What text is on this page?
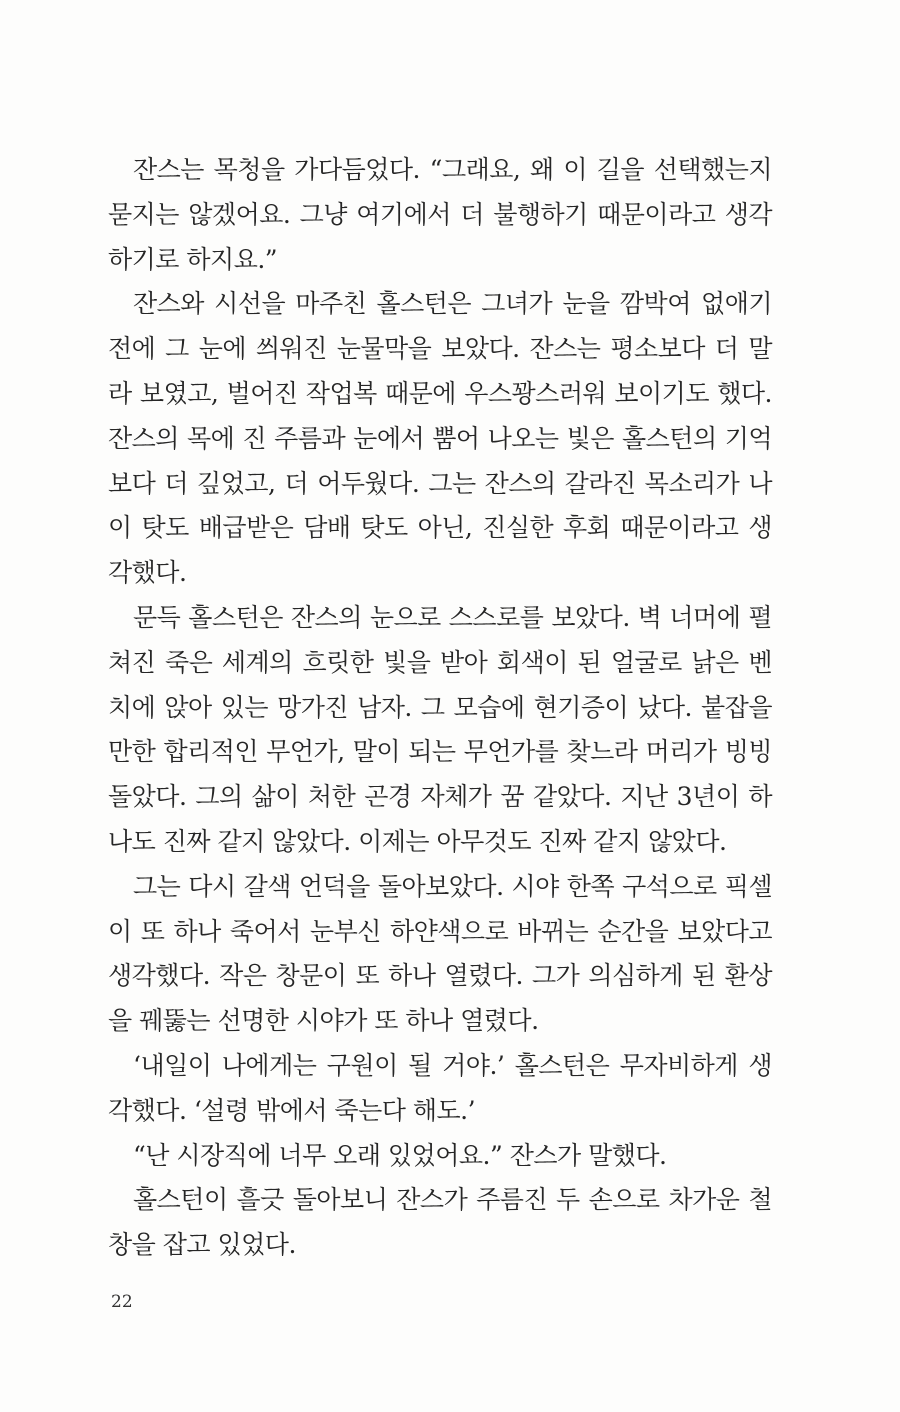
잔스는 목청을 가다듬었다. “그래요, 왜 이 길을 선택했는지 묻지는 않겠어요. 그냥 여기에서 더 불행하기 때문이라고 생각하기로 하지요.”

잔스와 시선을 마주친 홀스턴은 그녀가 눈을 깜박여 없애기 전에 그 눈에 씌워진 눈물막을 보았다. 잔스는 평소보다 더 말라 보였고, 벌어진 작업복 때문에 우스꽝스러워 보이기도 했다. 잔스의 목에 진 주름과 눈에서 뿜어 나오는 빛은 홀스턴의 기억보다 더 깊었고, 더 어두웠다. 그는 잔스의 갈라진 목소리가 나이 탓도 배급받은 담배 탓도 아닌, 진실한 후회 때문이라고 생각했다.

문득 홀스턴은 잔스의 눈으로 스스로를 보았다. 벽 너머에 펼쳐진 죽은 세계의 흐릿한 빛을 받아 회색이 된 얼굴로 낡은 벤치에 앉아 있는 망가진 남자. 그 모습에 현기증이 났다. 붙잡을 만한 합리적인 무언가, 말이 되는 무언가를 찾느라 머리가 빙빙 돌았다. 그의 삶이 처한 곤경 자체가 꿈 같았다. 지난 3년이 하나도 진짜 같지 않았다. 이제는 아무것도 진짜 같지 않았다.

그는 다시 갈색 언덕을 돌아보았다. 시야 한쪽 구석으로 픽셀이 또 하나 죽어서 눈부신 하얀색으로 바뀌는 순간을 보았다고 생각했다. 작은 창문이 또 하나 열렸다. 그가 의심하게 된 환상을 꿰뚫는 선명한 시야가 또 하나 열렸다.

‘내일이 나에게는 구원이 될 거야.’ 홀스턴은 무자비하게 생각했다. ‘설령 밖에서 죽는다 해도.’

“난 시장직에 너무 오래 있었어요.” 잔스가 말했다.

홀스턴이 흘긋 돌아보니 잔스가 주름진 두 손으로 차가운 철창을 잡고 있었다.

22
